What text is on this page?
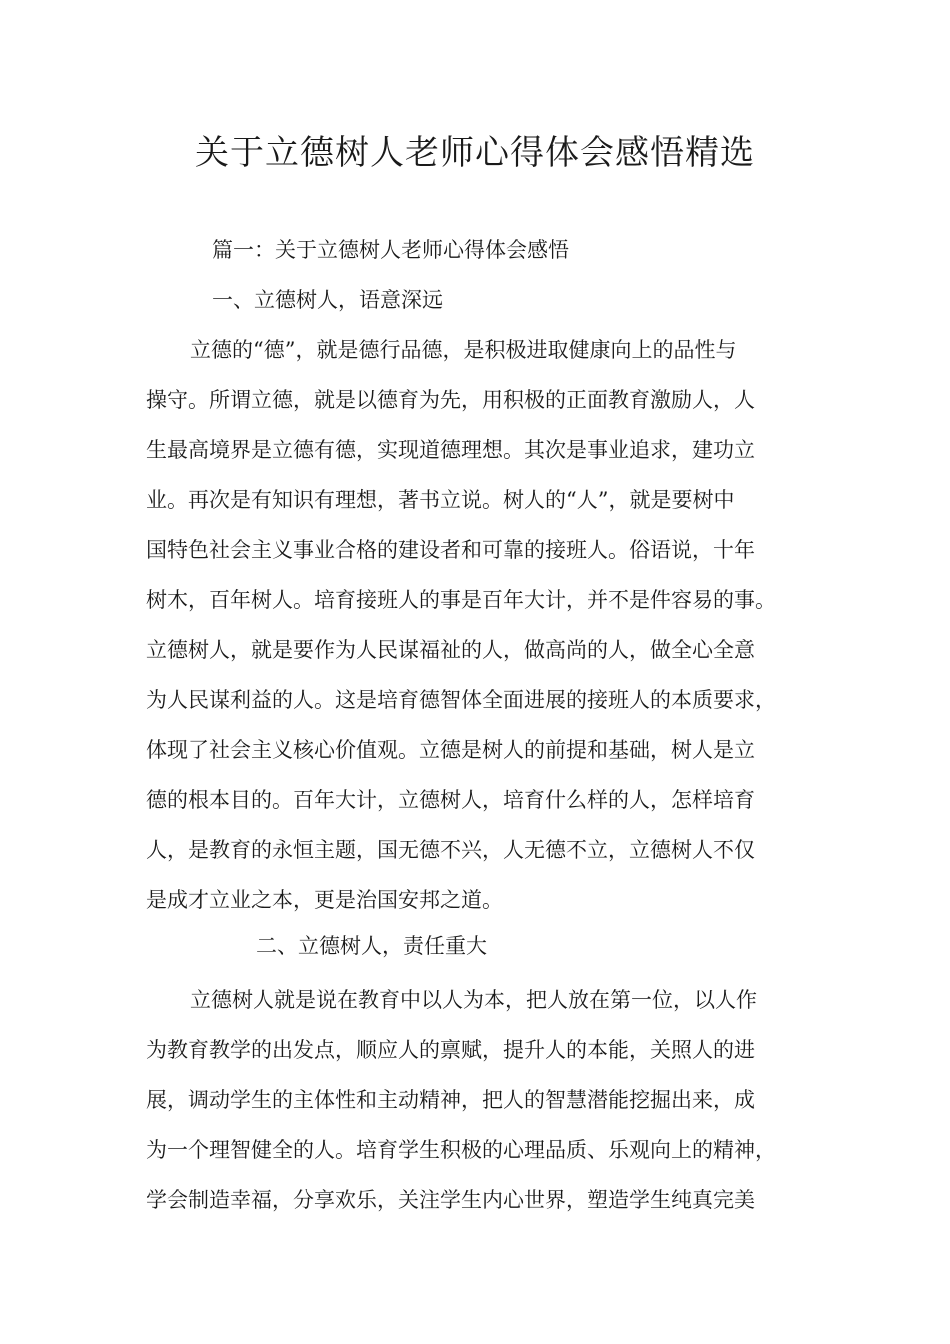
关于立德树人老师心得体会感悟精选

篇一：关于立德树人老师心得体会感悟

一、立德树人，语意深远

立德的“德”，就是德行品德，是积极进取健康向上的品性与

操守。所谓立德，就是以德育为先，用积极的正面教育激励人，人

生最高境界是立德有德，实现道德理想。其次是事业追求，建功立

业。再次是有知识有理想，著书立说。树人的“人”，就是要树中

国特色社会主义事业合格的建设者和可靠的接班人。俗语说，十年

树木，百年树人。培育接班人的事是百年大计，并不是件容易的事。

立德树人，就是要作为人民谋福祉的人，做高尚的人，做全心全意

为人民谋利益的人。这是培育德智体全面进展的接班人的本质要求，

体现了社会主义核心价值观。立德是树人的前提和基础，树人是立

德的根本目的。百年大计，立德树人，培育什么样的人，怎样培育

人，是教育的永恒主题，国无德不兴，人无德不立，立德树人不仅

是成才立业之本，更是治国安邦之道。

二、立德树人，责任重大

立德树人就是说在教育中以人为本，把人放在第一位，以人作

为教育教学的出发点，顺应人的禀赋，提升人的本能，关照人的进

展，调动学生的主体性和主动精神，把人的智慧潜能挖掘出来，成

为一个理智健全的人。培育学生积极的心理品质、乐观向上的精神，

学会制造幸福，分享欢乐，关注学生内心世界，塑造学生纯真完美
